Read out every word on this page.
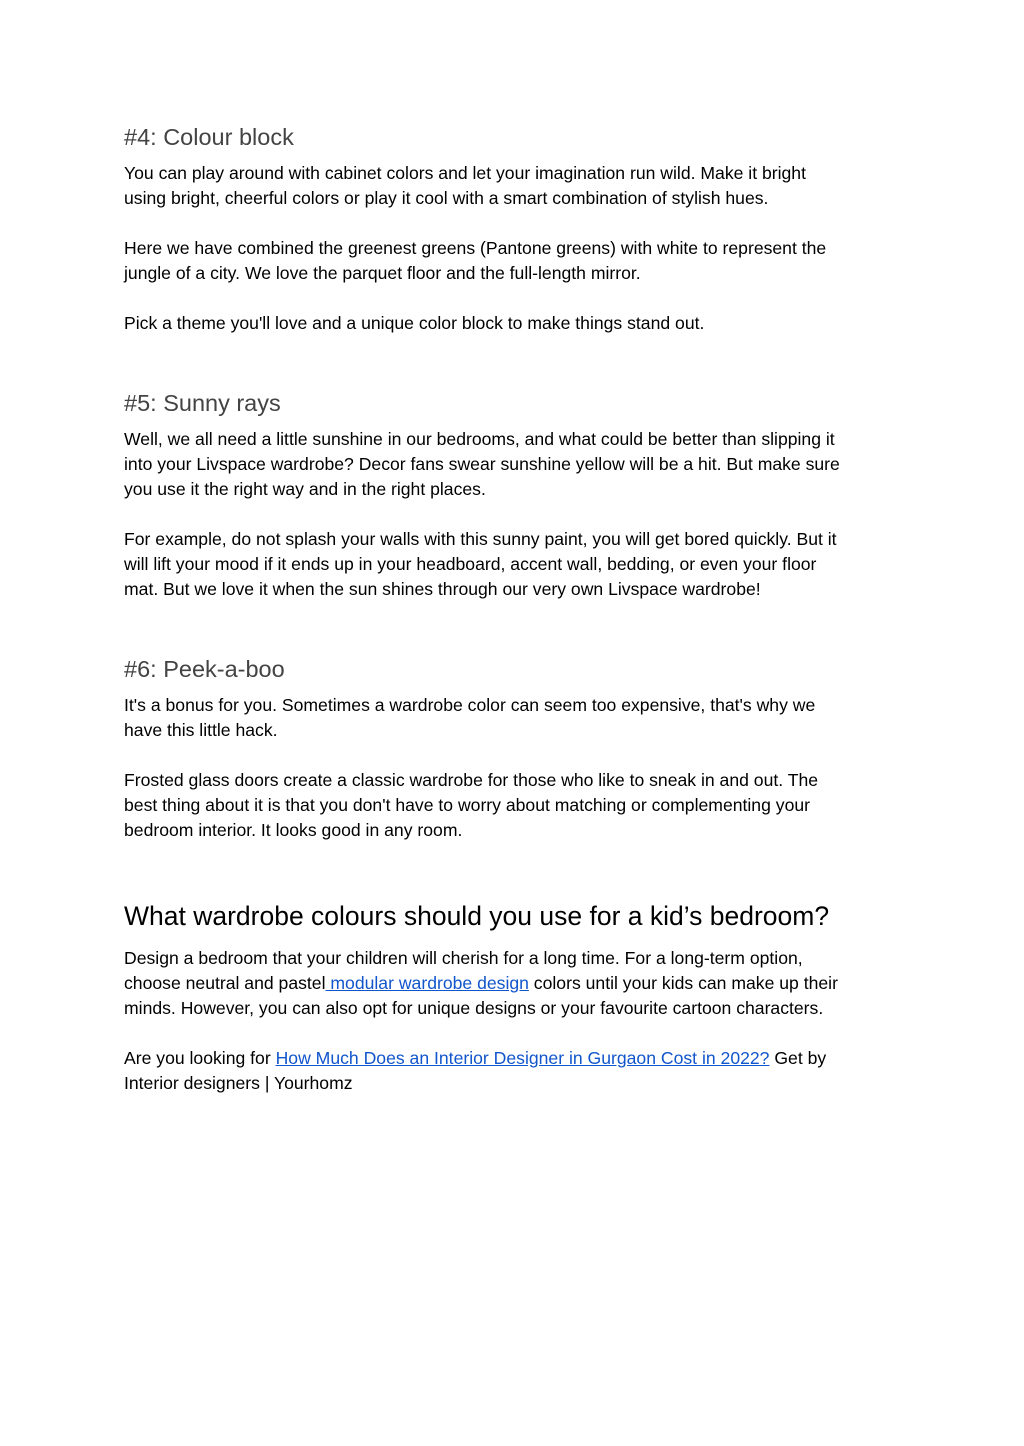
#4: Colour block

You can play around with cabinet colors and let your imagination run wild. Make it bright
using bright, cheerful colors or play it cool with a smart combination of stylish hues.

Here we have combined the greenest greens (Pantone greens) with white to represent the
jungle of a city. We love the parquet floor and the full-length mirror.

Pick a theme you'll love and a unique color block to make things stand out.

#5: Sunny rays

Well, we all need a little sunshine in our bedrooms, and what could be better than slipping it
into your Livspace wardrobe? Decor fans swear sunshine yellow will be a hit. But make sure
you use it the right way and in the right places.

For example, do not splash your walls with this sunny paint, you will get bored quickly. But it
will lift your mood if it ends up in your headboard, accent wall, bedding, or even your floor
mat. But we love it when the sun shines through our very own Livspace wardrobe!

#6: Peek-a-boo

It's a bonus for you. Sometimes a wardrobe color can seem too expensive, that's why we
have this little hack.

Frosted glass doors create a classic wardrobe for those who like to sneak in and out. The
best thing about it is that you don't have to worry about matching or complementing your
bedroom interior. It looks good in any room.

What wardrobe colours should you use for a kid’s bedroom?

Design a bedroom that your children will cherish for a long time. For a long-term option,
choose neutral and pastel modular wardrobe design colors until your kids can make up their
minds. However, you can also opt for unique designs or your favourite cartoon characters.

Are you looking for How Much Does an Interior Designer in Gurgaon Cost in 2022? Get by
Interior designers | Yourhomz
